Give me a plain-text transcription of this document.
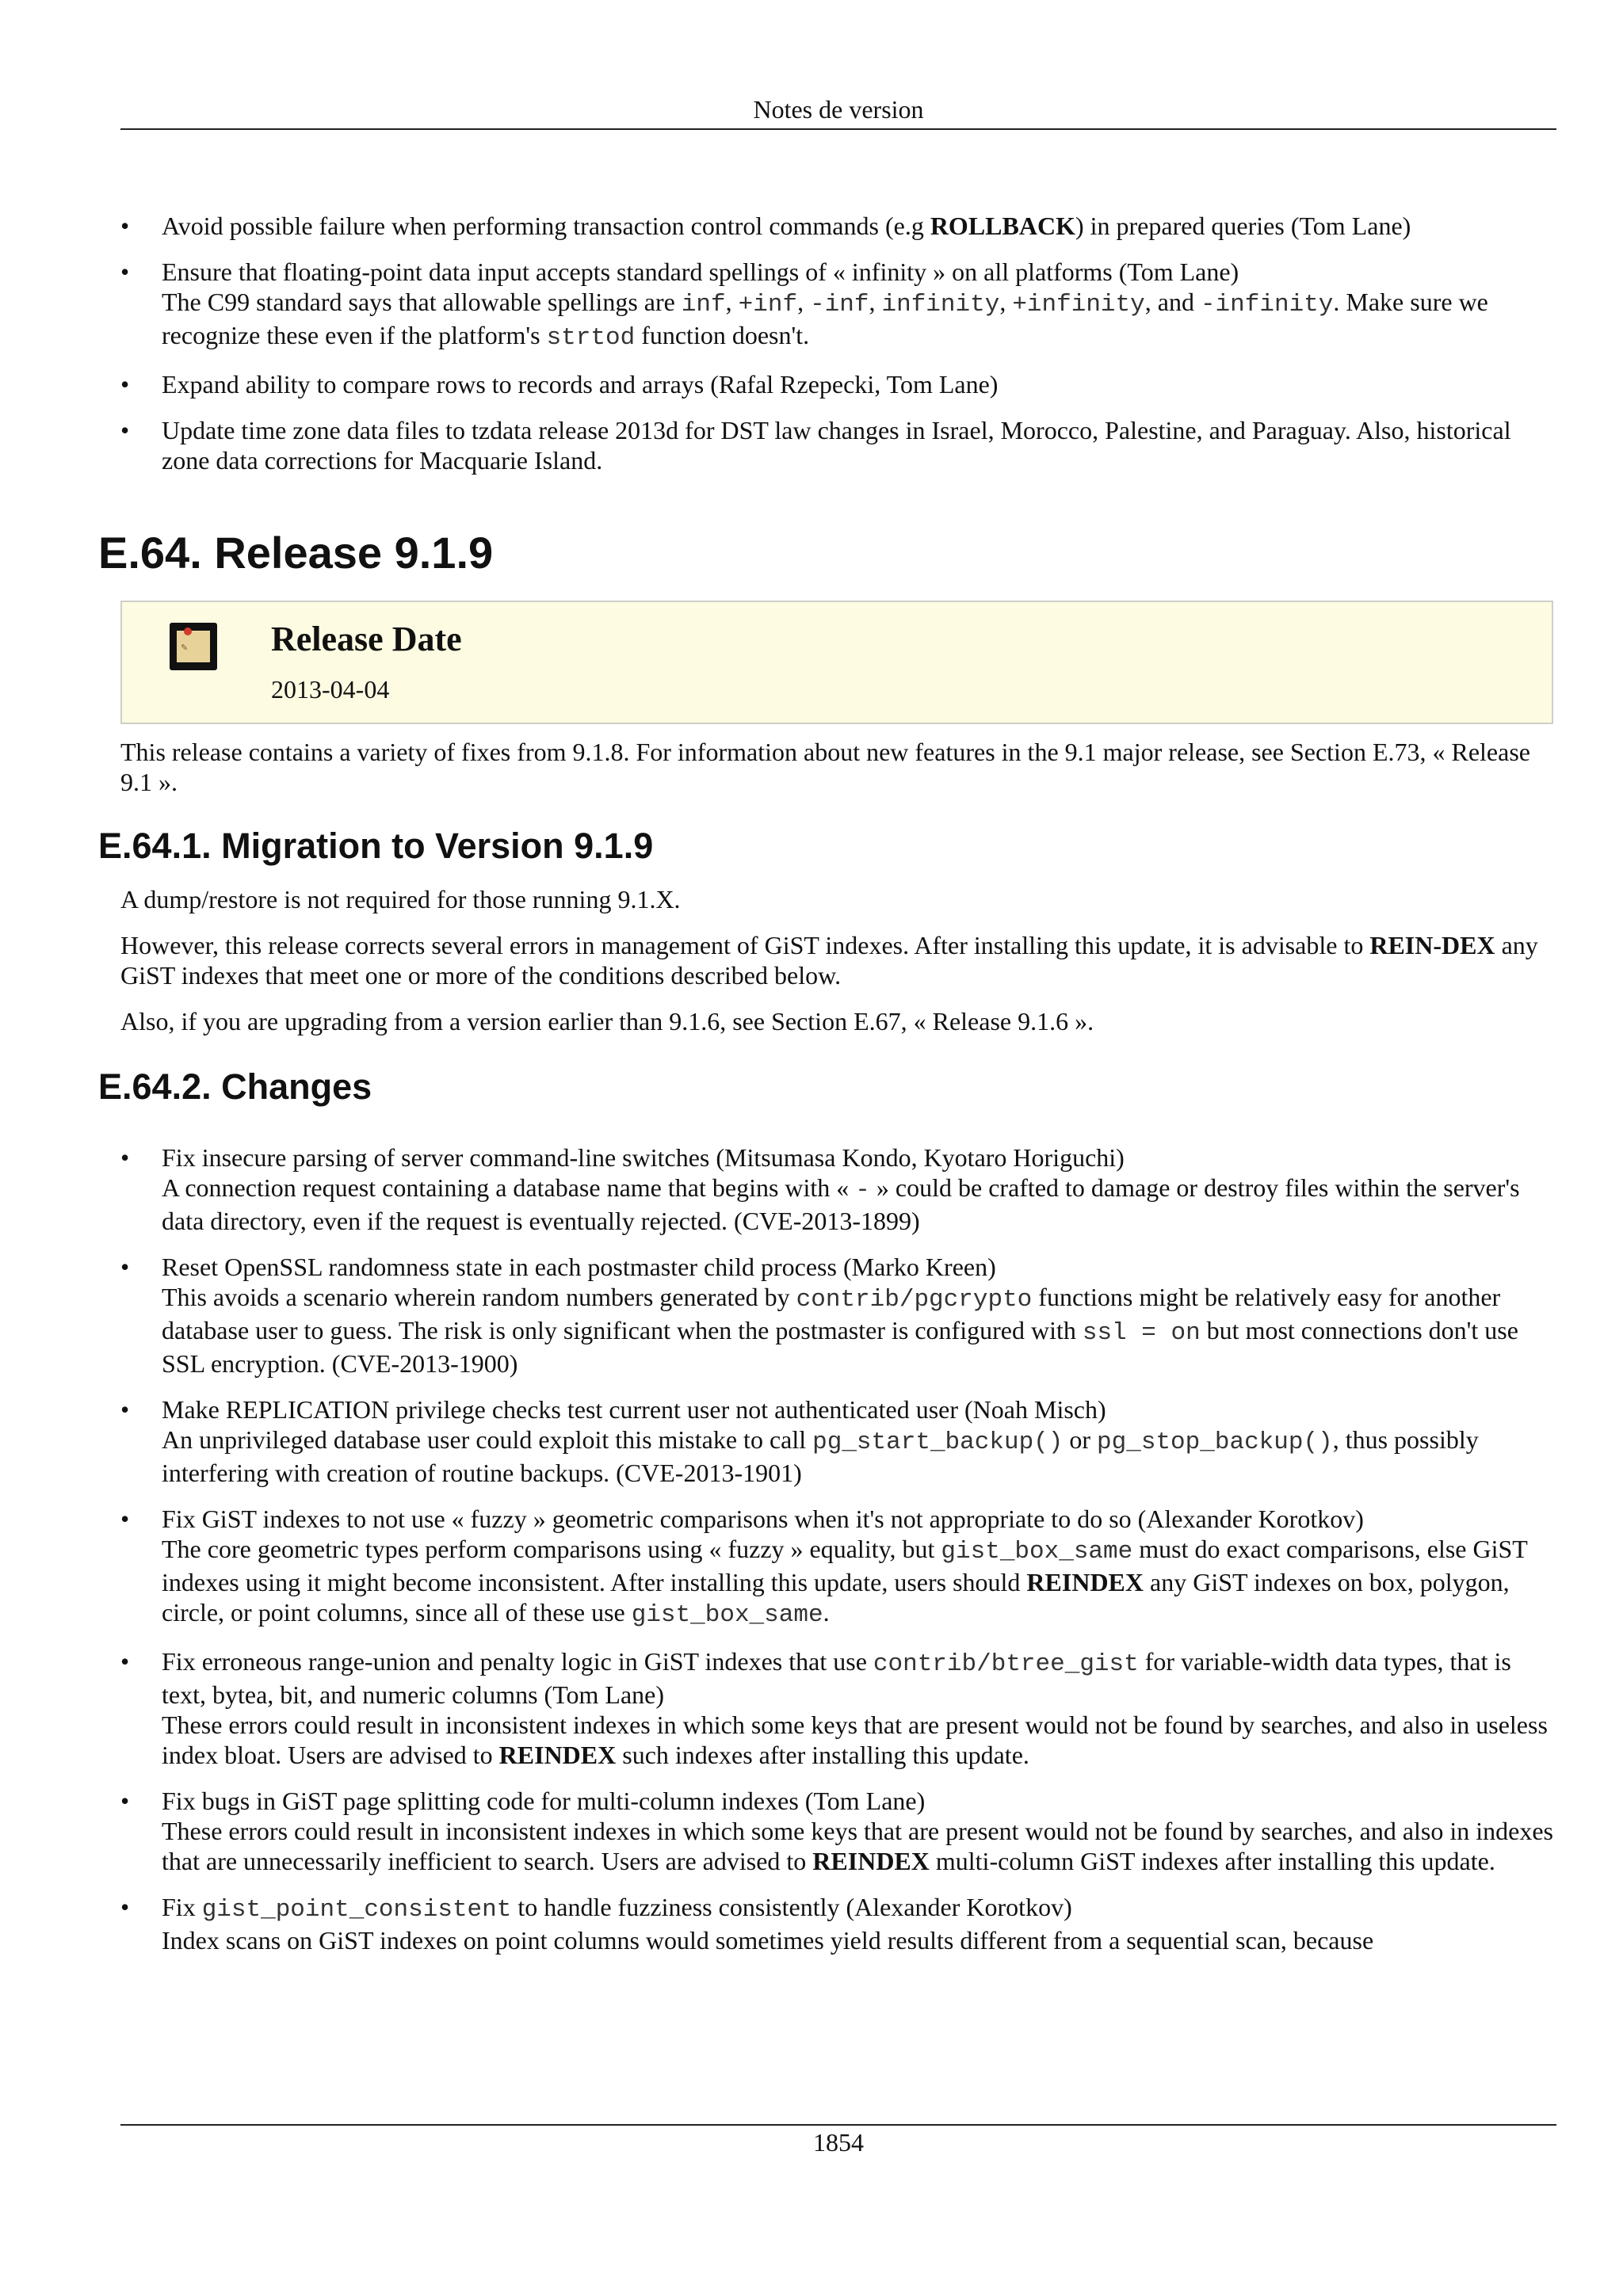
Notes de version
•

Avoid possible failure when performing transaction control commands (e.g ROLLBACK) in prepared queries (Tom Lane)

•

Ensure that floating-point data input accepts standard spellings of « infinity » on all platforms (Tom Lane)

The C99 standard says that allowable spellings are inf, +inf, -inf, infinity, +infinity, and -infinity. Make sure we recognize these even if the platform's strtod function doesn't.

•

Expand ability to compare rows to records and arrays (Rafal Rzepecki, Tom Lane)

•

Update time zone data files to tzdata release 2013d for DST law changes in Israel, Morocco, Palestine, and Paraguay. Also, historical zone data corrections for Macquarie Island.

E.64. Release 9.1.9
✎ Release Date
2013-04-04

This release contains a variety of fixes from 9.1.8. For information about new features in the 9.1 major release, see Section E.73, « Release 9.1 ».

E.64.1. Migration to Version 9.1.9

A dump/restore is not required for those running 9.1.X.

However, this release corrects several errors in management of GiST indexes. After installing this update, it is advisable to REIN-DEX any GiST indexes that meet one or more of the conditions described below.

Also, if you are upgrading from a version earlier than 9.1.6, see Section E.67, « Release 9.1.6 ».

E.64.2. Changes
•

Fix insecure parsing of server command-line switches (Mitsumasa Kondo, Kyotaro Horiguchi)

A connection request containing a database name that begins with « - » could be crafted to damage or destroy files within the server's data directory, even if the request is eventually rejected. (CVE-2013-1899)

•

Reset OpenSSL randomness state in each postmaster child process (Marko Kreen)

This avoids a scenario wherein random numbers generated by contrib/pgcrypto functions might be relatively easy for another database user to guess. The risk is only significant when the postmaster is configured with ssl = on but most connections don't use SSL encryption. (CVE-2013-1900)

•

Make REPLICATION privilege checks test current user not authenticated user (Noah Misch)

An unprivileged database user could exploit this mistake to call pg_start_backup() or pg_stop_backup(), thus possibly interfering with creation of routine backups. (CVE-2013-1901)

•

Fix GiST indexes to not use « fuzzy » geometric comparisons when it's not appropriate to do so (Alexander Korotkov)

The core geometric types perform comparisons using « fuzzy » equality, but gist_box_same must do exact comparisons, else GiST indexes using it might become inconsistent. After installing this update, users should REINDEX any GiST indexes on box, polygon, circle, or point columns, since all of these use gist_box_same.

•

Fix erroneous range-union and penalty logic in GiST indexes that use contrib/btree_gist for variable-width data types, that is text, bytea, bit, and numeric columns (Tom Lane)

These errors could result in inconsistent indexes in which some keys that are present would not be found by searches, and also in useless index bloat. Users are advised to REINDEX such indexes after installing this update.

•

Fix bugs in GiST page splitting code for multi-column indexes (Tom Lane)

These errors could result in inconsistent indexes in which some keys that are present would not be found by searches, and also in indexes that are unnecessarily inefficient to search. Users are advised to REINDEX multi-column GiST indexes after installing this update.

•

Fix gist_point_consistent to handle fuzziness consistently (Alexander Korotkov)

Index scans on GiST indexes on point columns would sometimes yield results different from a sequential scan, because

1854
